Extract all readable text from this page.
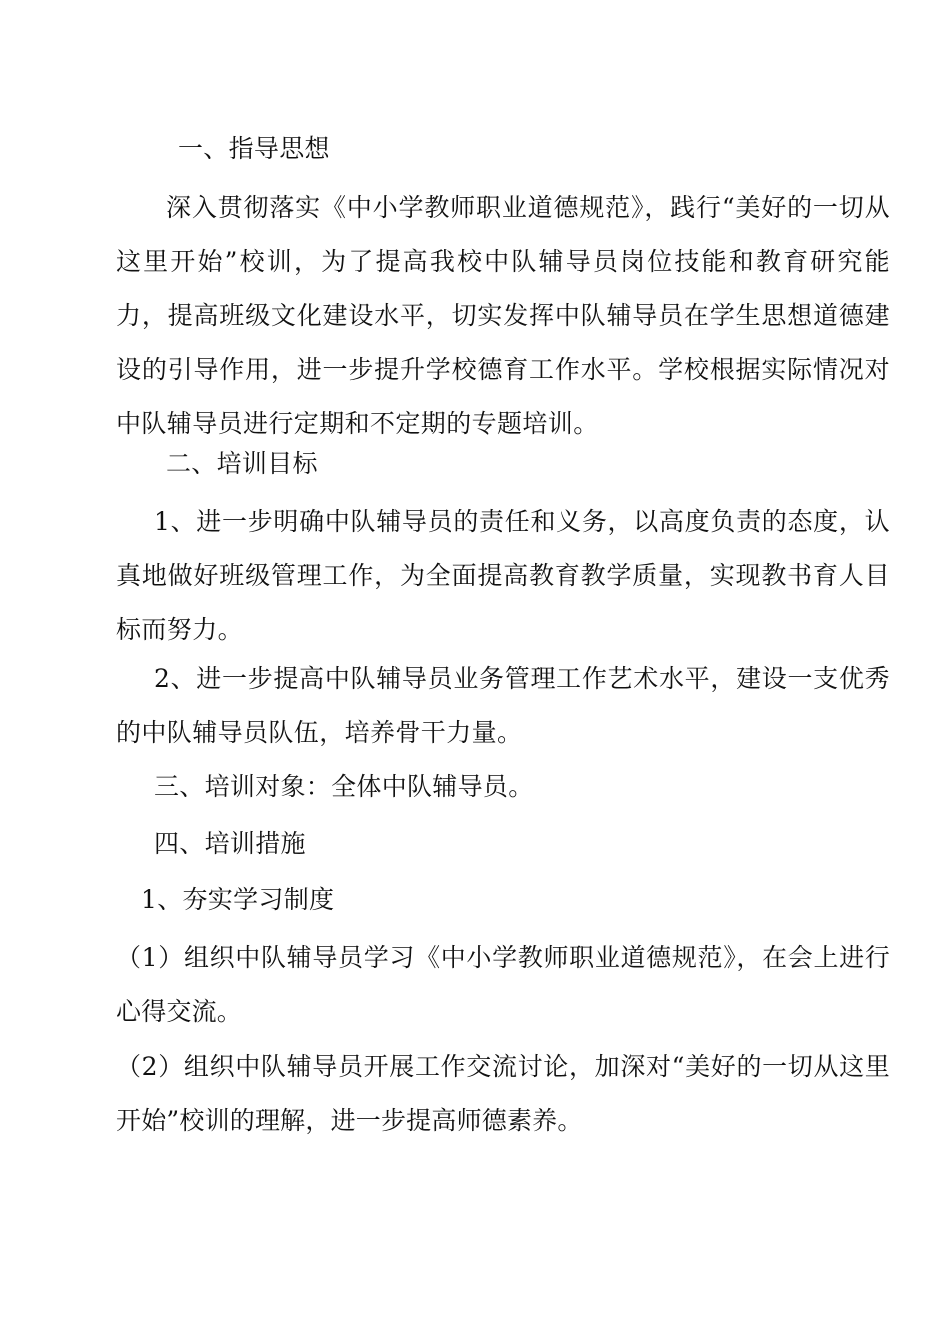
一、指导思想
深入贯彻落实《中小学教师职业道德规范》，践行“美好的一切从这里开始”校训，为了提高我校中队辅导员岗位技能和教育研究能力，提高班级文化建设水平，切实发挥中队辅导员在学生思想道德建设的引导作用，进一步提升学校德育工作水平。学校根据实际情况对中队辅导员进行定期和不定期的专题培训。
二、培训目标
1、进一步明确中队辅导员的责任和义务，以高度负责的态度，认真地做好班级管理工作，为全面提高教育教学质量，实现教书育人目标而努力。
2、进一步提高中队辅导员业务管理工作艺术水平，建设一支优秀的中队辅导员队伍，培养骨干力量。
三、培训对象：全体中队辅导员。
四、培训措施
1、夯实学习制度
（1）组织中队辅导员学习《中小学教师职业道德规范》，在会上进行心得交流。
（2）组织中队辅导员开展工作交流讨论，加深对“美好的一切从这里开始”校训的理解，进一步提高师德素养。
